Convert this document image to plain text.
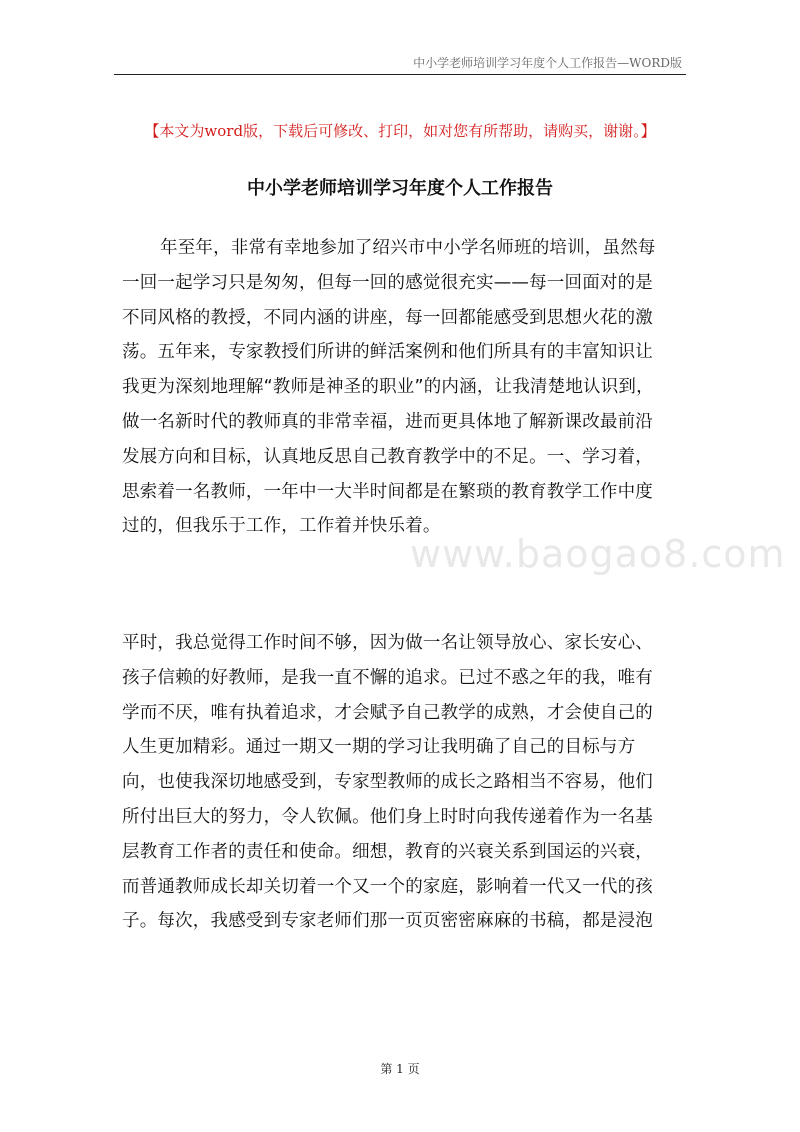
中小学老师培训学习年度个人工作报告—WORD版
【本文为word版，下载后可修改、打印，如对您有所帮助，请购买，谢谢。】
中小学老师培训学习年度个人工作报告
www.baogao8.com
年至年，非常有幸地参加了绍兴市中小学名师班的培训，虽然每
一回一起学习只是匆匆，但每一回的感觉很充实——每一回面对的是
不同风格的教授，不同内涵的讲座，每一回都能感受到思想火花的激
荡。五年来，专家教授们所讲的鲜活案例和他们所具有的丰富知识让
我更为深刻地理解“教师是神圣的职业”的内涵，让我清楚地认识到，
做一名新时代的教师真的非常幸福，进而更具体地了解新课改最前沿
发展方向和目标，认真地反思自己教育教学中的不足。一、学习着，
思索着一名教师，一年中一大半时间都是在繁琐的教育教学工作中度
过的，但我乐于工作，工作着并快乐着。
平时，我总觉得工作时间不够，因为做一名让领导放心、家长安心、
孩子信赖的好教师，是我一直不懈的追求。已过不惑之年的我，唯有
学而不厌，唯有执着追求，才会赋予自己教学的成熟，才会使自己的
人生更加精彩。通过一期又一期的学习让我明确了自己的目标与方
向，也使我深切地感受到，专家型教师的成长之路相当不容易，他们
所付出巨大的努力，令人钦佩。他们身上时时向我传递着作为一名基
层教育工作者的责任和使命。细想，教育的兴衰关系到国运的兴衰，
而普通教师成长却关切着一个又一个的家庭，影响着一代又一代的孩
子。每次，我感受到专家老师们那一页页密密麻麻的书稿，都是浸泡
第 1 页
